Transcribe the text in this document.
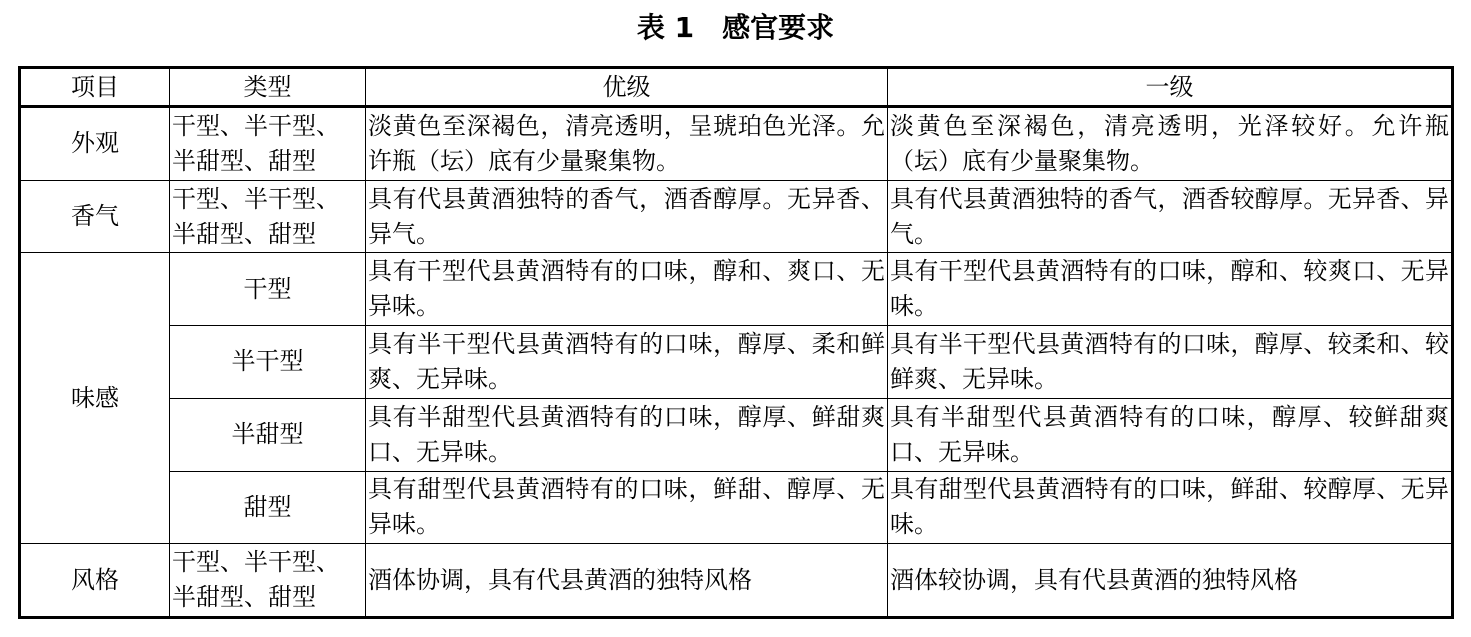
表 1 感官要求
项目	类型	优级	一级
外观	干型、半干型、半甜型、甜型	淡黄色至深褐色，清亮透明，呈琥珀色光泽。允许瓶（坛）底有少量聚集物。	淡黄色至深褐色，清亮透明，光泽较好。允许瓶（坛）底有少量聚集物。
香气	干型、半干型、半甜型、甜型	具有代县黄酒独特的香气，酒香醇厚。无异香、异气。	具有代县黄酒独特的香气，酒香较醇厚。无异香、异气。
味感	干型	具有干型代县黄酒特有的口味，醇和、爽口、无异味。	具有干型代县黄酒特有的口味，醇和、较爽口、无异味。
	半干型	具有半干型代县黄酒特有的口味，醇厚、柔和鲜爽、无异味。	具有半干型代县黄酒特有的口味，醇厚、较柔和、较鲜爽、无异味。
	半甜型	具有半甜型代县黄酒特有的口味，醇厚、鲜甜爽口、无异味。	具有半甜型代县黄酒特有的口味，醇厚、较鲜甜爽口、无异味。
	甜型	具有甜型代县黄酒特有的口味，鲜甜、醇厚、无异味。	具有甜型代县黄酒特有的口味，鲜甜、较醇厚、无异味。
风格	干型、半干型、半甜型、甜型	酒体协调，具有代县黄酒的独特风格	酒体较协调，具有代县黄酒的独特风格
